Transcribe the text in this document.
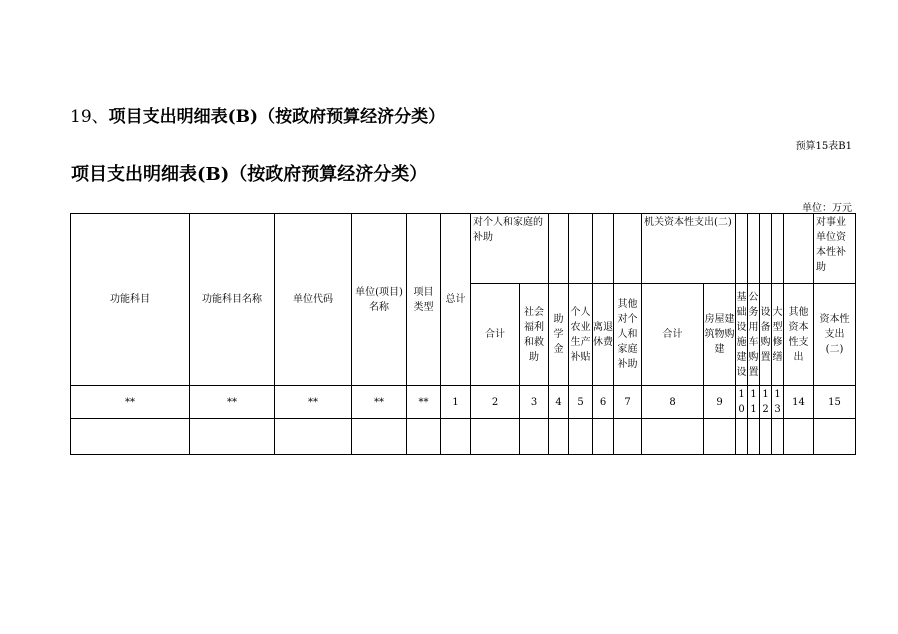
19、项目支出明细表(B)（按政府预算经济分类）
预算15表B1
项目支出明细表(B)（按政府预算经济分类）
单位：万元
功能科目	功能科目名称	单位代码	单位(项目)名称	项目类型	总计	对个人和家庭的补助						机关资本性支出(二)							对事业单位资本性补助
						合计	社会福利和救助	助学金	个人农业生产补贴	离退休费	其他对个人和家庭补助	合计	房屋建筑物购建	基础设施建设	公务用车购置	设备购置	大型修缮	其他资本性支出	资本性支出(二)
**	**	**	**	**	1	2	3	4	5	6	7	8	9	10	11	12	13	14	15
